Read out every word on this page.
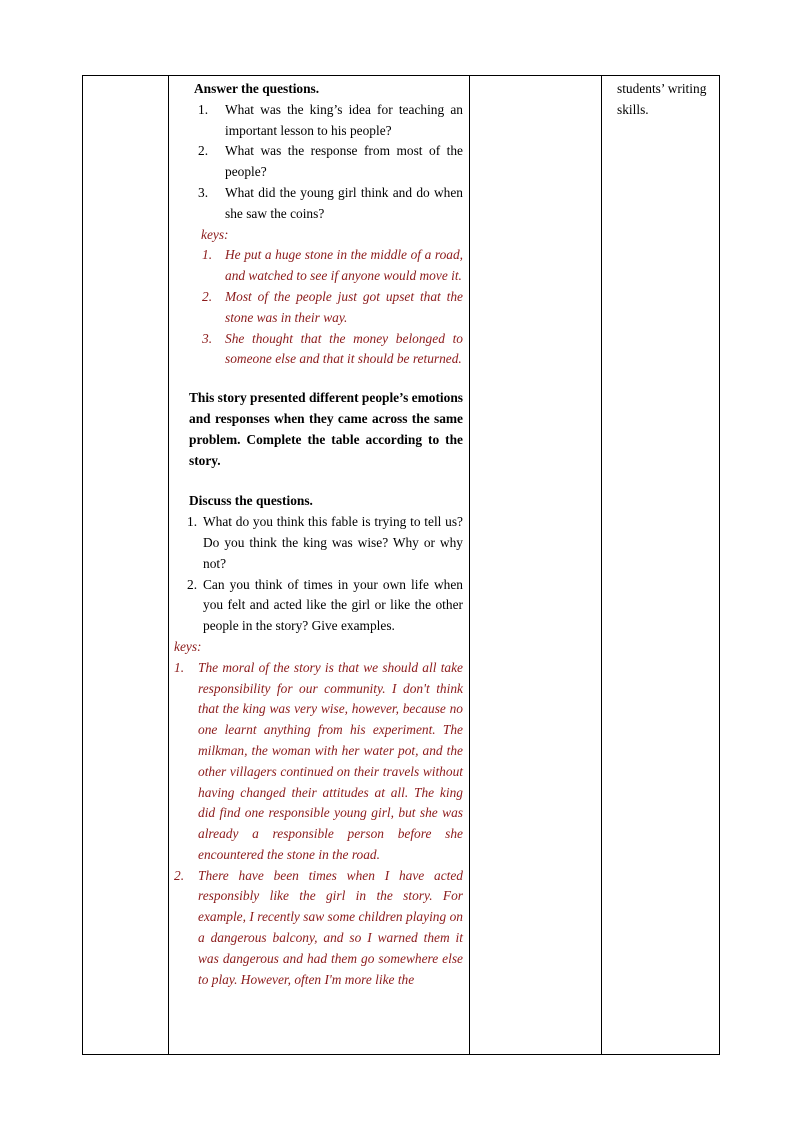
Answer the questions.
1. What was the king’s idea for teaching an important lesson to his people?
2. What was the response from most of the people?
3. What did the young girl think and do when she saw the coins?
keys:
1. He put a huge stone in the middle of a road, and watched to see if anyone would move it.
2. Most of the people just got upset that the stone was in their way.
3. She thought that the money belonged to someone else and that it should be returned.
This story presented different people’s emotions and responses when they came across the same problem. Complete the table according to the story.
Discuss the questions.
1. What do you think this fable is trying to tell us? Do you think the king was wise? Why or why not?
2. Can you think of times in your own life when you felt and acted like the girl or like the other people in the story? Give examples.
keys:
1. The moral of the story is that we should all take responsibility for our community. I don't think that the king was very wise, however, because no one learnt anything from his experiment. The milkman, the woman with her water pot, and the other villagers continued on their travels without having changed their attitudes at all. The king did find one responsible young girl, but she was already a responsible person before she encountered the stone in the road.
2. There have been times when I have acted responsibly like the girl in the story. For example, I recently saw some children playing on a dangerous balcony, and so I warned them it was dangerous and had them go somewhere else to play. However, often I'm more like the

students’ writing skills.
